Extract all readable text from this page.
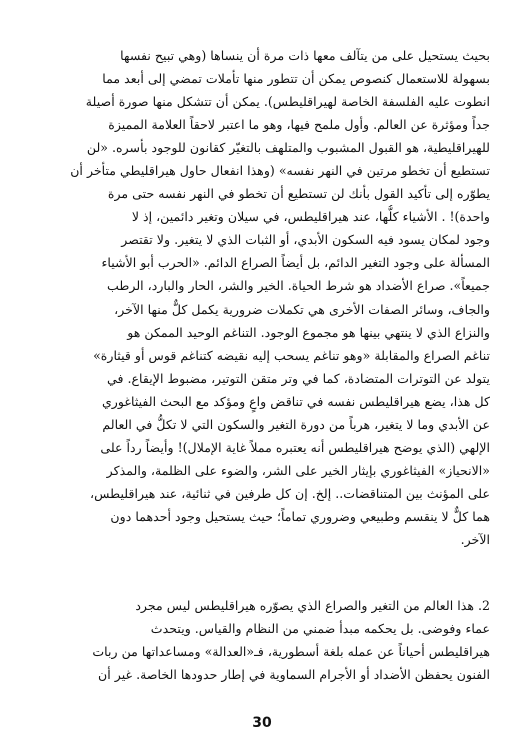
بحيث يستحيل على من يتآلف معها ذات مرة أن ينساها (وهي تبيح نفسها
بسهولة للاستعمال كنصوص يمكن أن تتطور منها تأملات تمضي إلى أبعد مما
انطوت عليه الفلسفة الخاصة لهيراقليطس). يمكن أن تتشكل منها صورة أصيلة
جداً ومؤثرة عن العالم. وأول ملمح فيها، وهو ما اعتبر لاحقاً العلامة المميزة
للهيراقليطية، هو القبول المشبوب والمتلهف بالتغيّر كقانون للوجود بأسره. «لن
تستطيع أن تخطو مرتين في النهر نفسه» (وهذا انفعال حاول هيراقليطي متأخر أن
يطوّره إلى تأكيد القول بأنك لن تستطيع أن تخطو في النهر نفسه حتى مرة
واحدة)! . الأشياء كلُّها، عند هيراقليطس، في سيلان وتغير دائمين، إذ لا
وجود لمكان يسود فيه السكون الأبدي، أو الثبات الذي لا يتغير. ولا تقتصر
المسألة على وجود التغير الدائم، بل أيضاً الصراع الدائم. «الحرب أبو الأشياء
جميعاً». صراع الأضداد هو شرط الحياة. الخير والشر، الحار والبارد، الرطب
والجاف، وسائر الصفات الأخرى هي تكملات ضرورية يكمل كلٌّ منها الآخر،
والنزاع الذي لا ينتهي بينها هو مجموع الوجود. التناغم الوحيد الممكن هو
تناغم الصراع والمقابلة «وهو تناغم يسحب إليه نقيضه كتناغم قوس أو قيثارة»
يتولد عن التوترات المتضادة، كما في وتر متقن التوتير، مضبوط الإيقاع. في
كل هذا، يضع هيراقليطس نفسه في تناقض واعٍ ومؤكد مع البحث الفيثاغوري
عن الأبدي وما لا يتغير، هرباً من دورة التغير والسكون التي لا تكلُّ في العالم
الإلهي (الذي يوضح هيراقليطس أنه يعتبره مملاً غاية الإملال)! وأيضاً رداً على
«الانحياز» الفيثاغوري بإيثار الخير على الشر، والضوء على الظلمة، والمذكر
على المؤنث بين المتناقضات.. إلخ. إن كل طرفين في ثنائية، عند هيراقليطس،
هما كلٌّ لا ينقسم وطبيعي وضروري تماماً؛ حيث يستحيل وجود أحدهما دون
الآخر.
2. هذا العالم من التغير والصراع الذي يصوّره هيراقليطس ليس مجرد
عماء وفوضى. بل يحكمه مبدأ ضمني من النظام والقياس. ويتحدث
هيراقليطس أحياناً عن عمله بلغة أسطورية، فـ«العدالة» ومساعداتها من ربات
الفنون يحفظن الأضداد أو الأجرام السماوية في إطار حدودها الخاصة. غير أن
30
